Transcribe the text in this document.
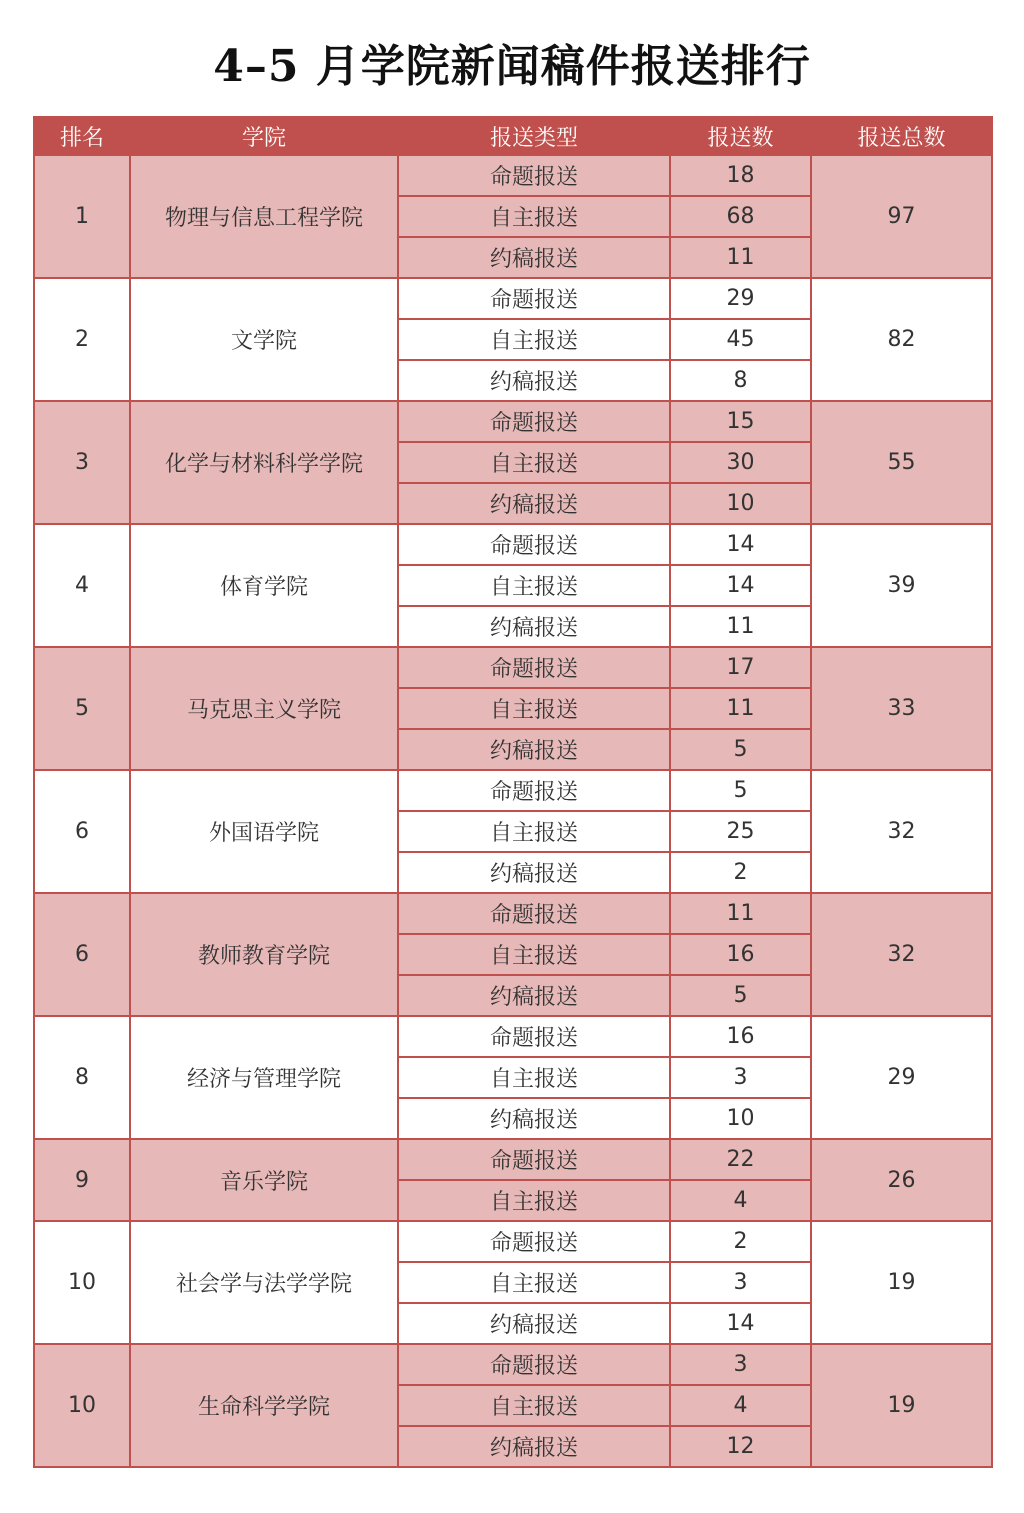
4–5 月学院新闻稿件报送排行
排名	学院	报送类型	报送数	报送总数
1	物理与信息工程学院	命题报送	18	97
		自主报送	68	
		约稿报送	11	
2	文学院	命题报送	29	82
		自主报送	45	
		约稿报送	8	
3	化学与材料科学学院	命题报送	15	55
		自主报送	30	
		约稿报送	10	
4	体育学院	命题报送	14	39
		自主报送	14	
		约稿报送	11	
5	马克思主义学院	命题报送	17	33
		自主报送	11	
		约稿报送	5	
6	外国语学院	命题报送	5	32
		自主报送	25	
		约稿报送	2	
6	教师教育学院	命题报送	11	32
		自主报送	16	
		约稿报送	5	
8	经济与管理学院	命题报送	16	29
		自主报送	3	
		约稿报送	10	
9	音乐学院	命题报送	22	26
		自主报送	4	
10	社会学与法学学院	命题报送	2	19
		自主报送	3	
		约稿报送	14	
10	生命科学学院	命题报送	3	19
		自主报送	4	
		约稿报送	12	
